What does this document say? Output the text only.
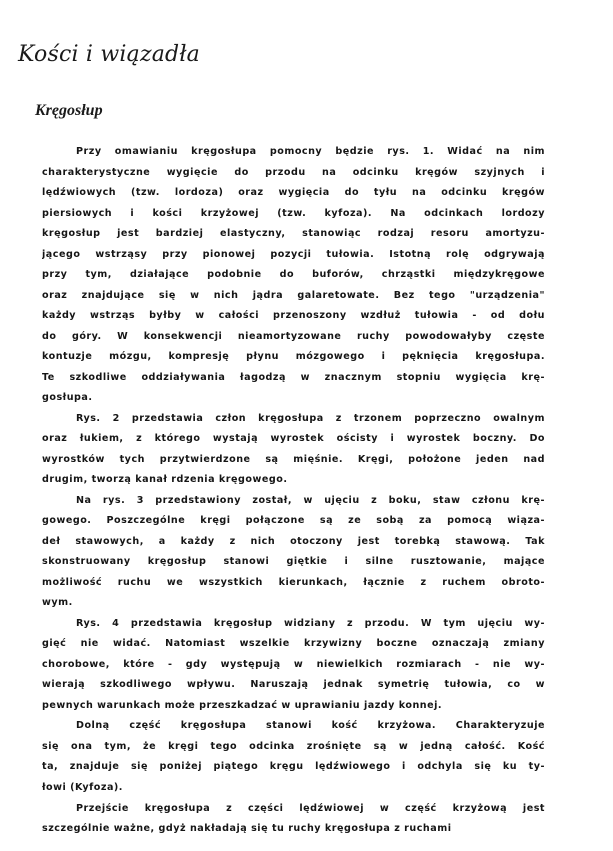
Kości i wiązadła
Kręgosłup
Przy omawianiu kręgosłupa pomocny będzie rys. 1. Widać na nim
charakterystyczne wygięcie do przodu na odcinku kręgów szyjnych i
lędźwiowych (tzw. lordoza) oraz wygięcia do tyłu na odcinku kręgów
piersiowych i kości krzyżowej (tzw. kyfoza). Na odcinkach lordozy
kręgosłup jest bardziej elastyczny, stanowiąc rodzaj resoru amortyzu-
jącego wstrząsy przy pionowej pozycji tułowia. Istotną rolę odgrywają
przy tym, działające podobnie do buforów, chrząstki międzykręgowe
oraz znajdujące się w nich jądra galaretowate. Bez tego "urządzenia"
każdy wstrząs byłby w całości przenoszony wzdłuż tułowia - od dołu
do góry. W konsekwencji nieamortyzowane ruchy powodowałyby częste
kontuzje mózgu, kompresję płynu mózgowego i pęknięcia kręgosłupa.
Te szkodliwe oddziaływania łagodzą w znacznym stopniu wygięcia krę-
gosłupa.
Rys. 2 przedstawia człon kręgosłupa z trzonem poprzeczno owalnym
oraz łukiem, z którego wystają wyrostek ościsty i wyrostek boczny. Do
wyrostków tych przytwierdzone są mięśnie. Kręgi, położone jeden nad
drugim, tworzą kanał rdzenia kręgowego.
Na rys. 3 przedstawiony został, w ujęciu z boku, staw członu krę-
gowego. Poszczególne kręgi połączone są ze sobą za pomocą wiąza-
deł stawowych, a każdy z nich otoczony jest torebką stawową. Tak
skonstruowany kręgosłup stanowi giętkie i silne rusztowanie, mające
możliwość ruchu we wszystkich kierunkach, łącznie z ruchem obroto-
wym.
Rys. 4 przedstawia kręgosłup widziany z przodu. W tym ujęciu wy-
gięć nie widać. Natomiast wszelkie krzywizny boczne oznaczają zmiany
chorobowe, które - gdy występują w niewielkich rozmiarach - nie wy-
wierają szkodliwego wpływu. Naruszają jednak symetrię tułowia, co w
pewnych warunkach może przeszkadzać w uprawianiu jazdy konnej.
Dolną część kręgosłupa stanowi kość krzyżowa. Charakteryzuje
się ona tym, że kręgi tego odcinka zrośnięte są w jedną całość. Kość
ta, znajduje się poniżej piątego kręgu lędźwiowego i odchyla się ku ty-
łowi (Kyfoza).
Przejście kręgosłupa z części lędźwiowej w część krzyżową jest
szczególnie ważne, gdyż nakładają się tu ruchy kręgosłupa z ruchami
